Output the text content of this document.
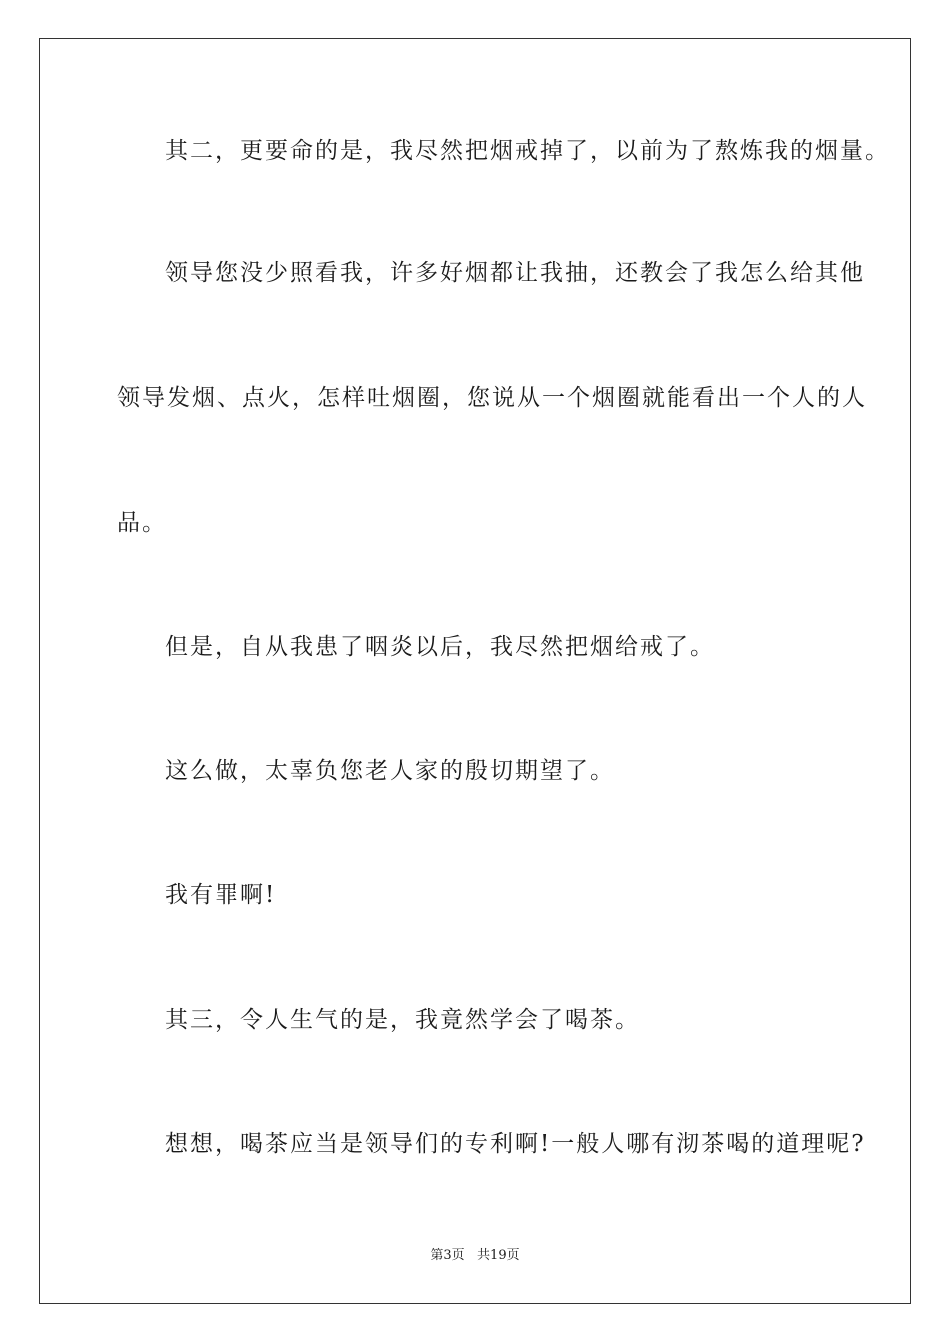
其二，更要命的是，我尽然把烟戒掉了，以前为了熬炼我的烟量。
领导您没少照看我，许多好烟都让我抽，还教会了我怎么给其他
领导发烟、点火，怎样吐烟圈，您说从一个烟圈就能看出一个人的人
品。
但是，自从我患了咽炎以后，我尽然把烟给戒了。
这么做，太辜负您老人家的殷切期望了。
我有罪啊!
其三，令人生气的是，我竟然学会了喝茶。
想想，喝茶应当是领导们的专利啊!一般人哪有沏茶喝的道理呢?
第3页   共19页
